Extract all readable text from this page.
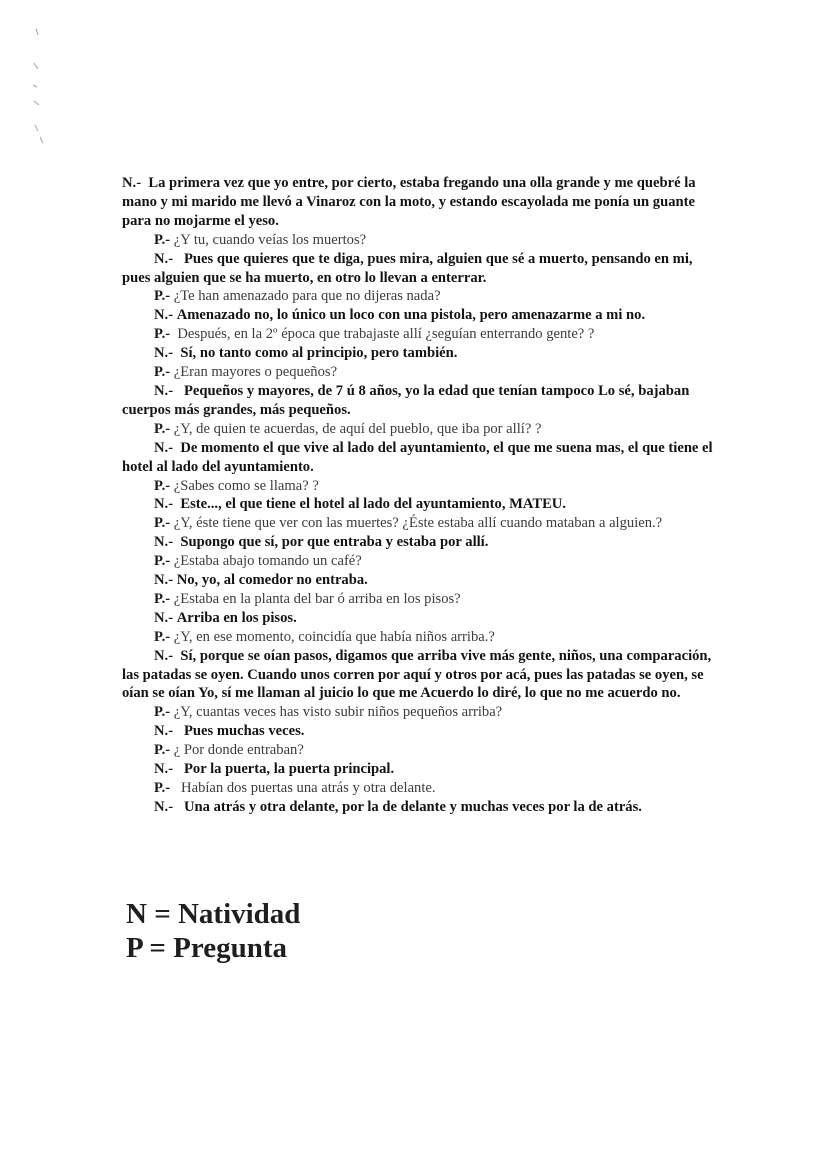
N.- La primera vez que yo entre, por cierto, estaba fregando una olla grande y me quebré la mano y mi marido me llevó a Vinaroz con la moto, y estando escayolada me ponía un guante para no mojarme el yeso.

P.- ¿Y tu, cuando veías los muertos?

N.- Pues que quieres que te diga, pues mira, alguien que sé a muerto, pensando en mi, pues alguien que se ha muerto, en otro lo llevan a enterrar.

P.- ¿Te han amenazado para que no dijeras nada?

N.- Amenazado no, lo único un loco con una pistola, pero amenazarme a mi no.

P.- Después, en la 2º época que trabajaste allí ¿seguían enterrando gente? ?

N.- Sí, no tanto como al principio, pero también.

P.- ¿Eran mayores o pequeños?

N.- Pequeños y mayores, de 7 ú 8 años, yo la edad que tenían tampoco Lo sé, bajaban cuerpos más grandes, más pequeños.

P.- ¿Y, de quien te acuerdas, de aquí del pueblo, que iba por allí? ?

N.- De momento el que vive al lado del ayuntamiento, el que me suena mas, el que tiene el hotel al lado del ayuntamiento.

P.- ¿Sabes como se llama? ?

N.- Este..., el que tiene el hotel al lado del ayuntamiento, MATEU.

P.- ¿Y, éste tiene que ver con las muertes? ¿Éste estaba allí cuando mataban a alguien.?

N.- Supongo que sí, por que entraba y estaba por allí.

P.- ¿Estaba abajo tomando un café?

N.- No, yo, al comedor no entraba.

P.- ¿Estaba en la planta del bar ó arriba en los pisos?

N.- Arriba en los pisos.

P.- ¿Y, en ese momento, coincidía que había niños arriba.?

N.- Sí, porque se oían pasos, digamos que arriba vive más gente, niños, una comparación, las patadas se oyen. Cuando unos corren por aquí y otros por acá, pues las patadas se oyen, se oían se oían Yo, sí me llaman al juicio lo que me Acuerdo lo diré, lo que no me acuerdo no.

P.- ¿Y, cuantas veces has visto subir niños pequeños arriba?

N.- Pues muchas veces.

P.- ¿ Por donde entraban?

N.- Por la puerta, la puerta principal.

P.- Habían dos puertas una atrás y otra delante.

N.- Una atrás y otra delante, por la de delante y muchas veces por la de atrás.

N = Natividad
P = Pregunta
